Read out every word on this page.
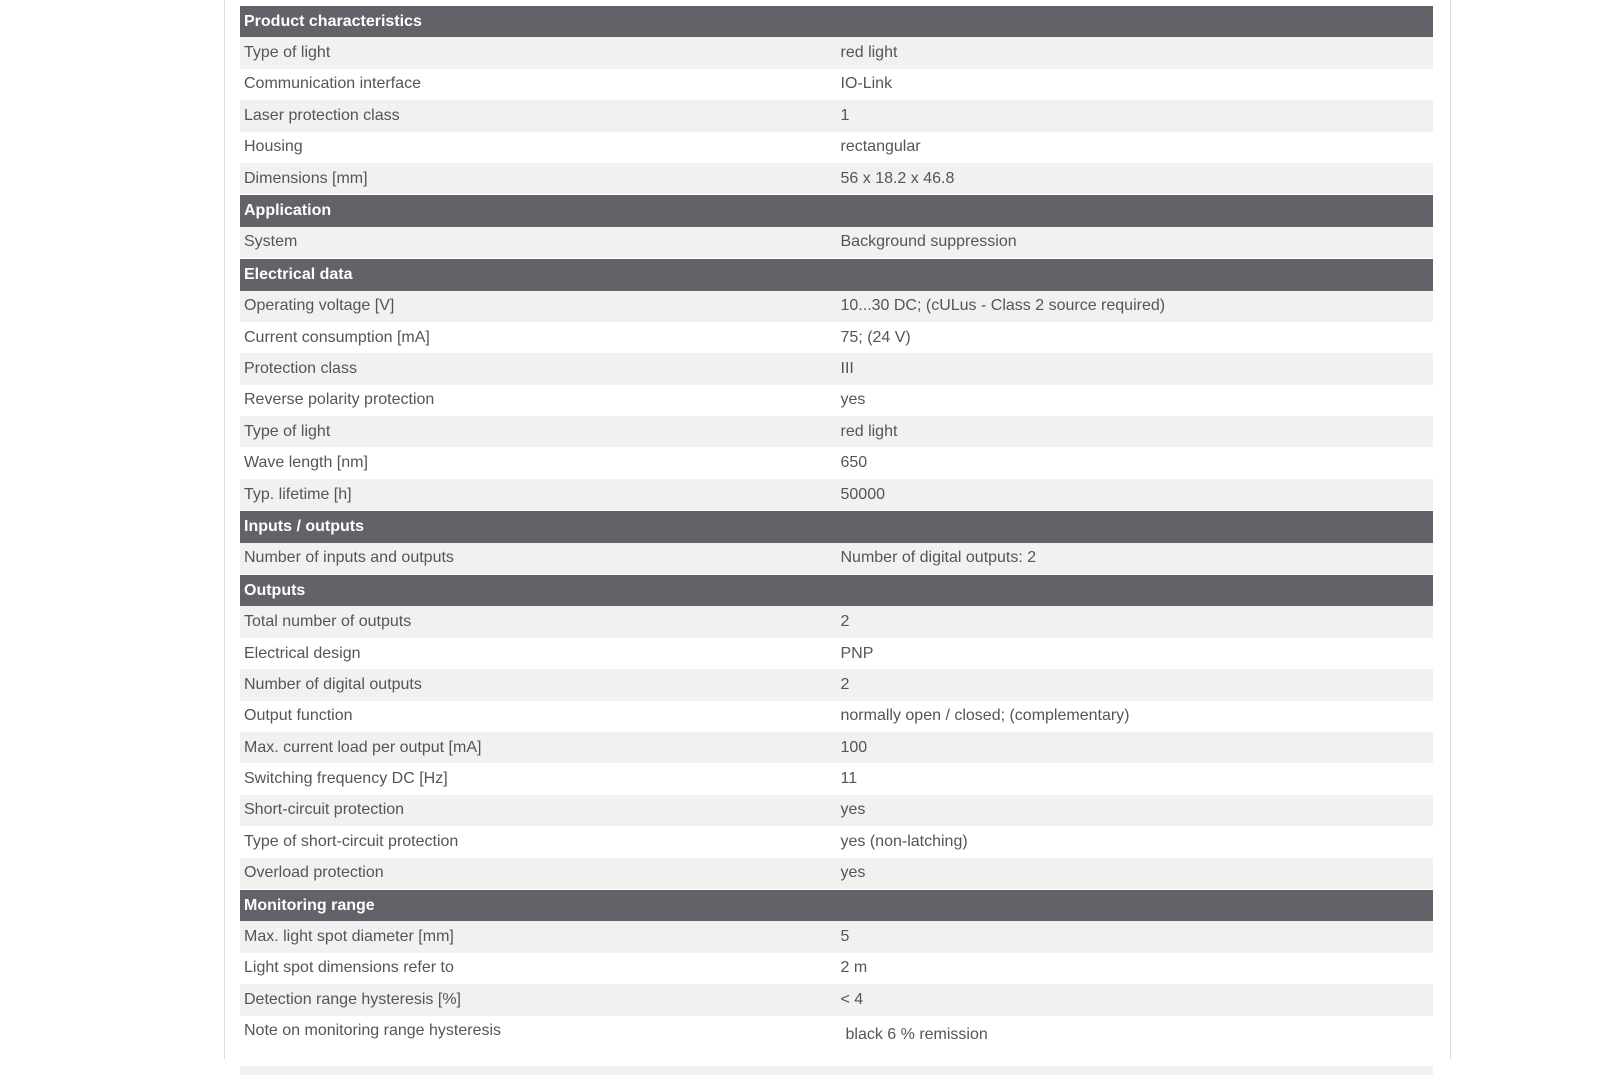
Product characteristics	
Type of light	red light
Communication interface	IO-Link
Laser protection class	1
Housing	rectangular
Dimensions [mm]	56 x 18.2 x 46.8
Application	
System	Background suppression
Electrical data	
Operating voltage [V]	10...30 DC; (cULus - Class 2 source required)
Current consumption [mA]	75; (24 V)
Protection class	III
Reverse polarity protection	yes
Type of light	red light
Wave length [nm]	650
Typ. lifetime [h]	50000
Inputs / outputs	
Number of inputs and outputs	Number of digital outputs: 2
Outputs	
Total number of outputs	2
Electrical design	PNP
Number of digital outputs	2
Output function	normally open / closed; (complementary)
Max. current load per output [mA]	100
Switching frequency DC [Hz]	11
Short-circuit protection	yes
Type of short-circuit protection	yes (non-latching)
Overload protection	yes
Monitoring range	
Max. light spot diameter [mm]	5
Light spot dimensions refer to	2 m
Detection range hysteresis [%]	< 4
Note on monitoring range hysteresis	black 6 % remission
